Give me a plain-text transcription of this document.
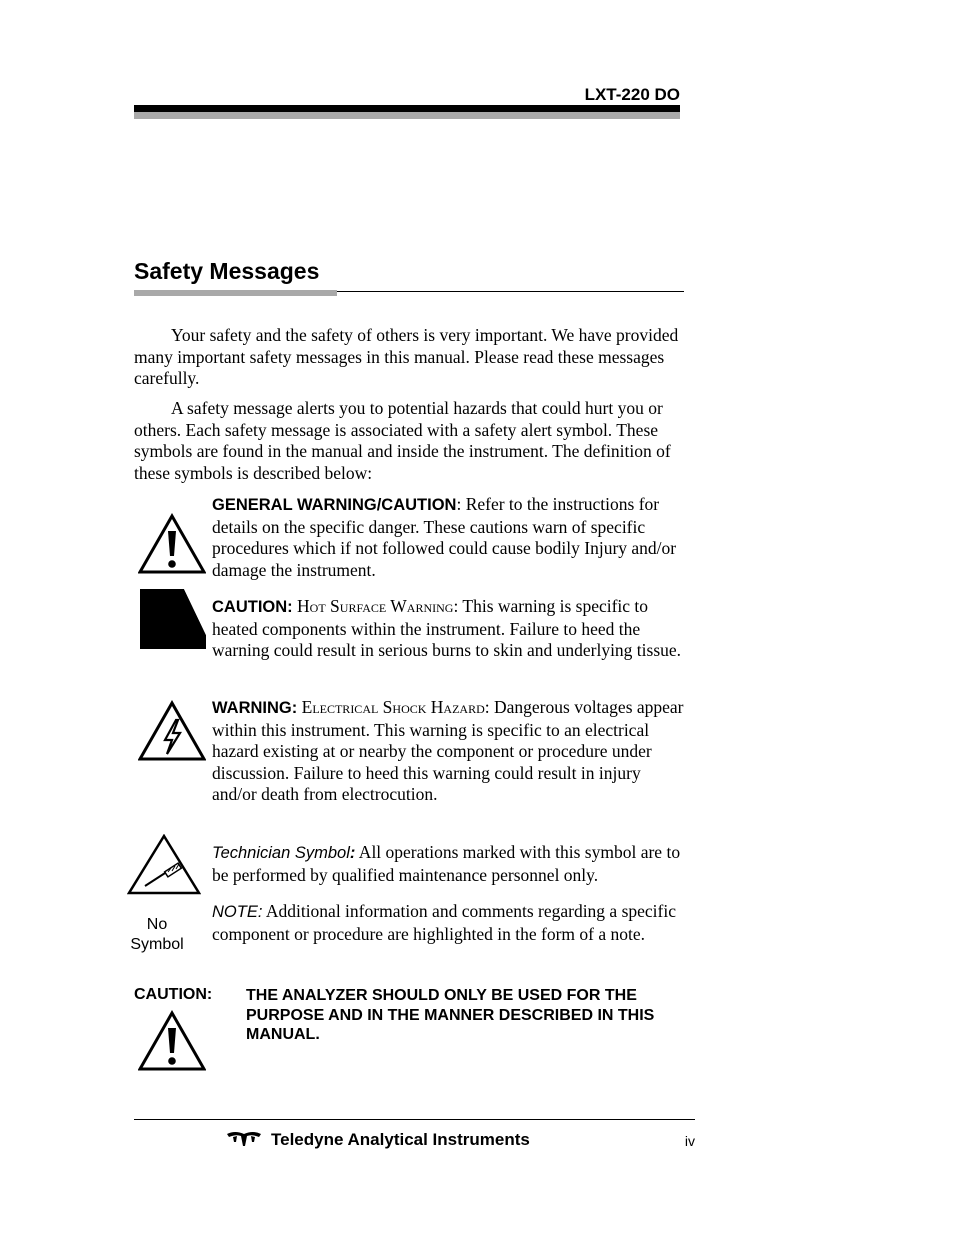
LXT-220 DO
Safety Messages

Your safety and the safety of others is very important. We have provided many important safety messages in this manual. Please read these messages carefully.

A safety message alerts you to potential hazards that could hurt you or others. Each safety message is associated with a safety alert symbol. These symbols are found in the manual and inside the instrument. The definition of these symbols is described below:

GENERAL WARNING/CAUTION: Refer to the instructions for details on the specific danger. These cautions warn of specific procedures which if not followed could cause bodily Injury and/or damage the instrument.

CAUTION: Hot Surface Warning: This warning is specific to heated components within the instrument. Failure to heed the warning could result in serious burns to skin and underlying tissue.

WARNING: Electrical Shock Hazard: Dangerous voltages appear within this instrument. This warning is specific to an electrical hazard existing at or nearby the component or procedure under discussion. Failure to heed this warning could result in injury and/or death from electrocution.

Technician Symbol: All operations marked with this symbol are to be performed by qualified maintenance personnel only.

No
Symbol

NOTE: Additional information and comments regarding a specific component or procedure are highlighted in the form of a note.

CAUTION: THE ANALYZER SHOULD ONLY BE USED FOR THE PURPOSE AND IN THE MANNER DESCRIBED IN THIS MANUAL.
Teledyne Analytical Instruments	iv
